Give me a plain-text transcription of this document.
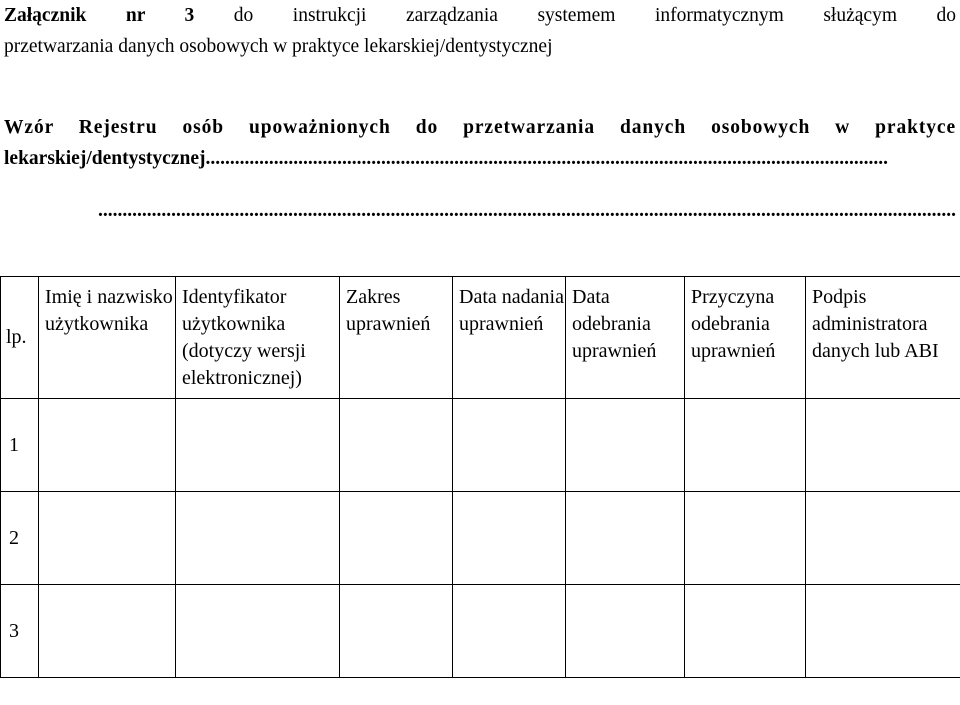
Załącznik nr 3 do instrukcji zarządzania systemem informatycznym służącym do
przetwarzania danych osobowych w praktyce lekarskiej/dentystycznej
Wzór Rejestru osób upoważnionych do przetwarzania danych osobowych w praktyce
lekarskiej/dentystycznej............................................................................................................................................
................................................................................................................................................................................
lp.	Imię i nazwisko użytkownika	Identyfikator użytkownika (dotyczy wersji elektronicznej)	Zakres uprawnień	Data nadania uprawnień	Data odebrania uprawnień	Przyczyna odebrania uprawnień	Podpis administratora danych lub ABI

1							
2							
3							
